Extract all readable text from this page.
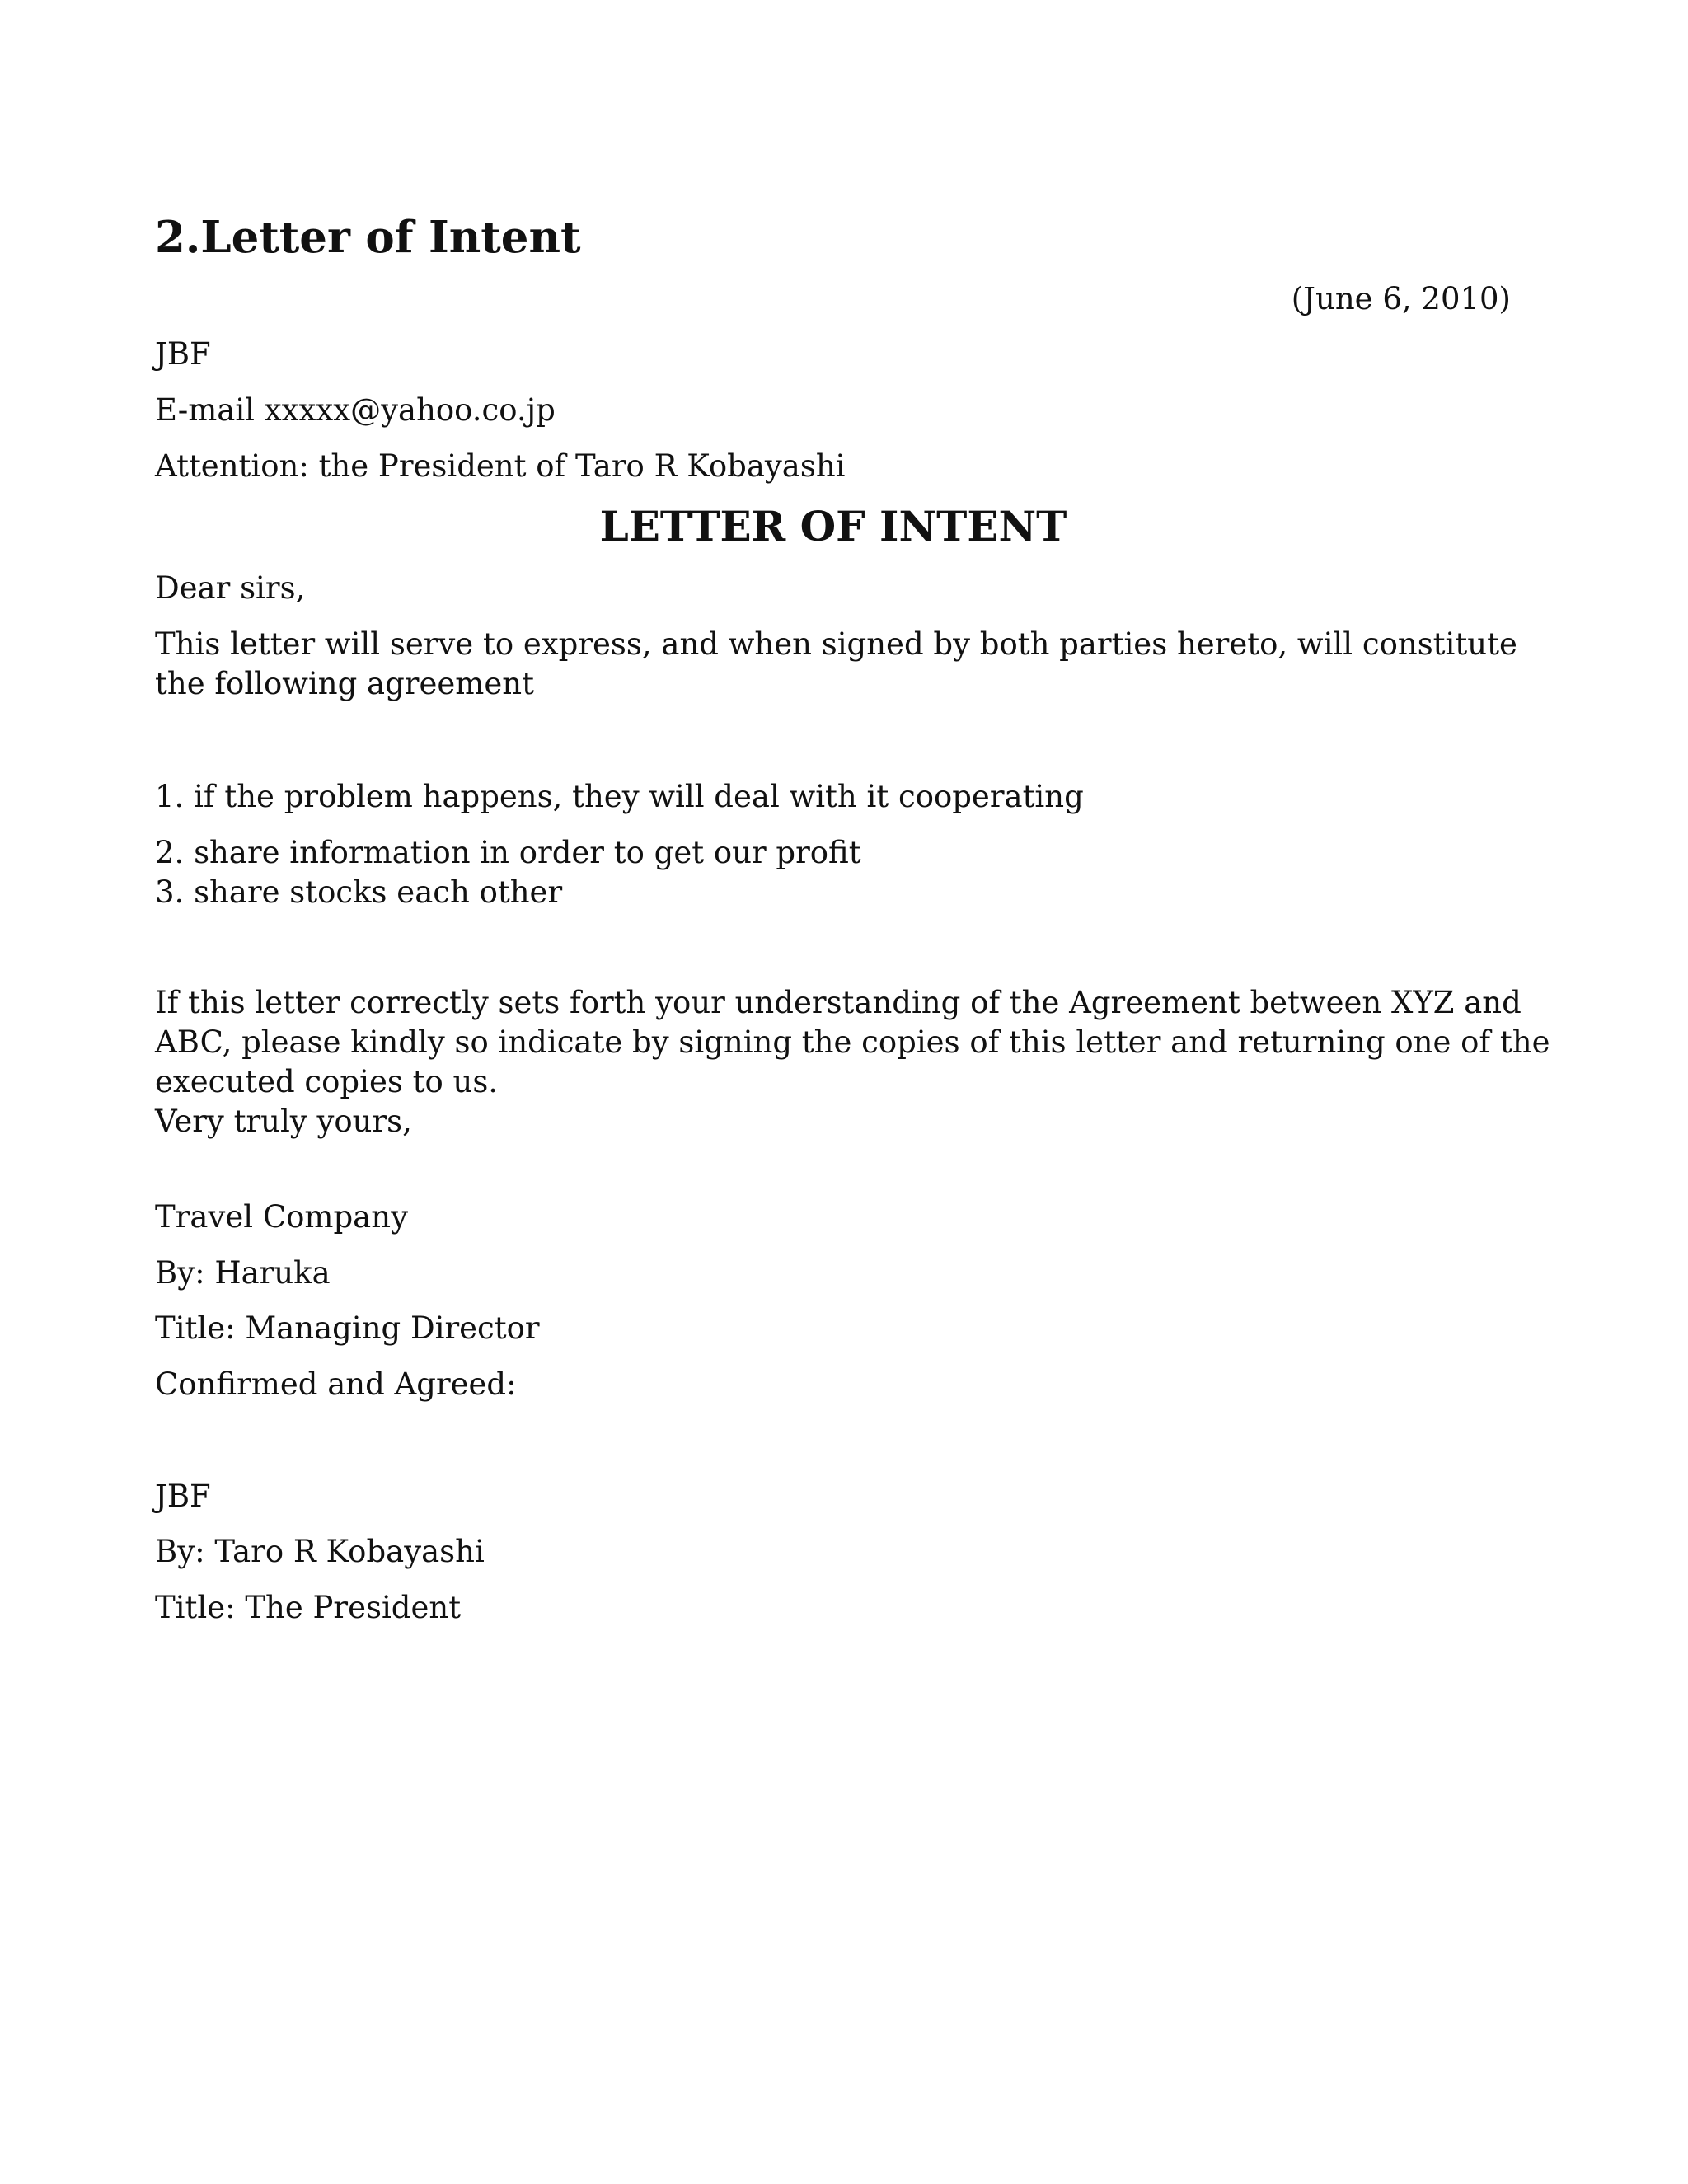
2.Letter of Intent

(June 6, 2010)

JBF

E-mail xxxxx@yahoo.co.jp

Attention: the President of Taro R Kobayashi

LETTER OF INTENT

Dear sirs,

This letter will serve to express, and when signed by both parties hereto, will constitute

the following agreement

1. if the problem happens, they will deal with it cooperating

2. share information in order to get our profit

3. share stocks each other

If this letter correctly sets forth your understanding of the Agreement between XYZ and

ABC, please kindly so indicate by signing the copies of this letter and returning one of the

executed copies to us.

Very truly yours,

Travel Company

By: Haruka

Title: Managing Director

Confirmed and Agreed:

JBF

By: Taro R Kobayashi

Title: The President
